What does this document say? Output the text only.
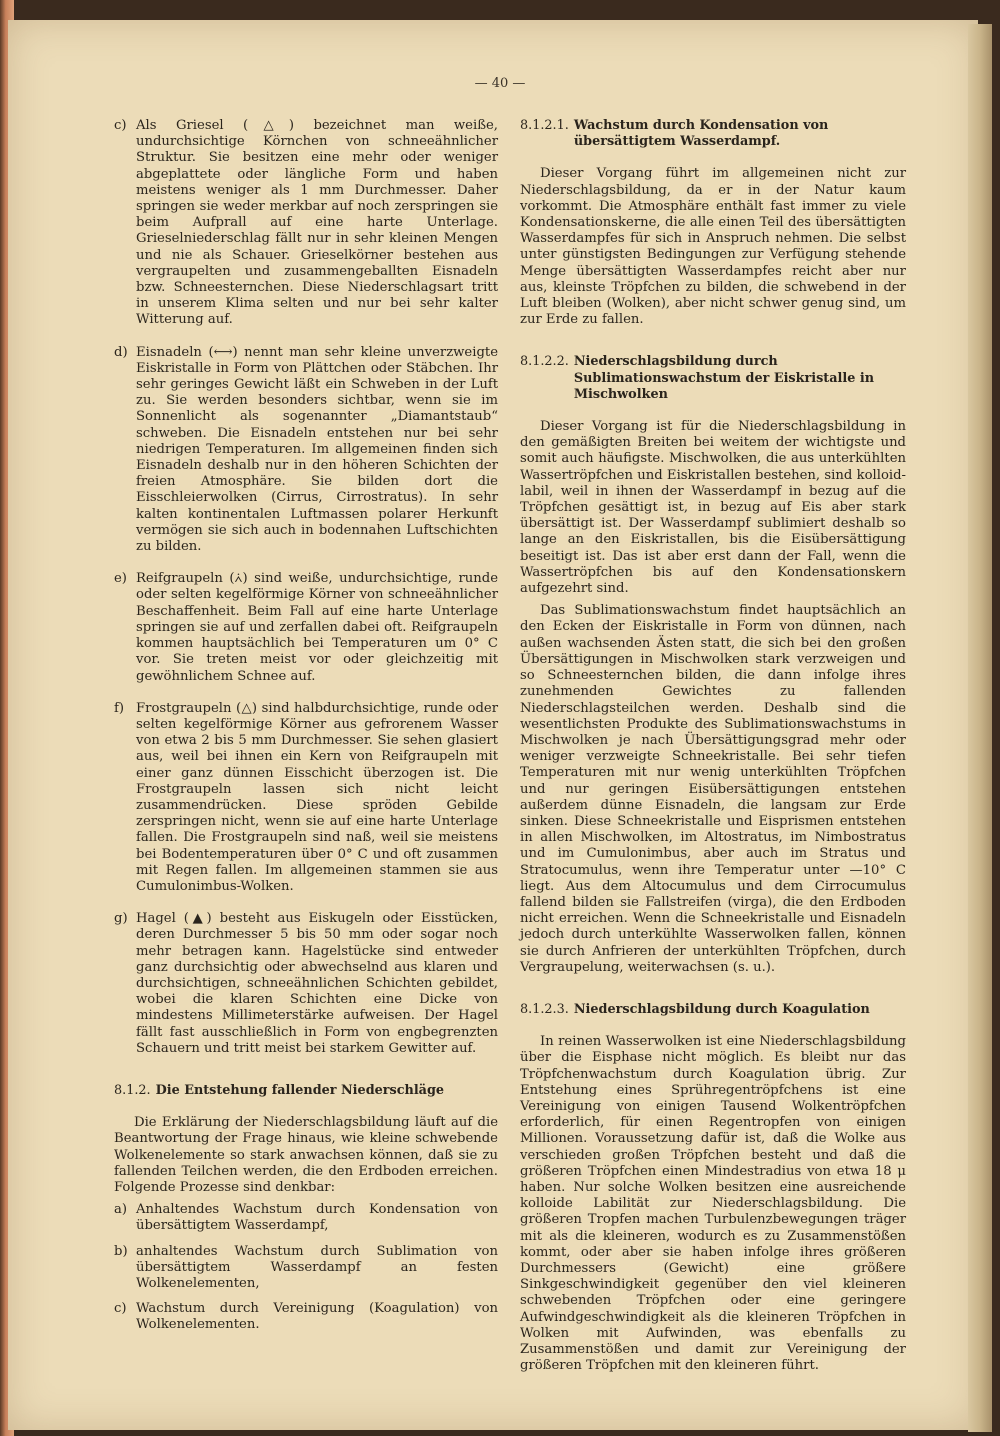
— 40 —
c) Als Griesel (△) bezeichnet man weiße, undurchsichtige Körnchen von schneeähnlicher Struktur. Sie besitzen eine mehr oder weniger abgeplattete oder längliche Form und haben meistens weniger als 1 mm Durchmesser. Daher springen sie weder merkbar auf noch zerspringen sie beim Aufprall auf eine harte Unterlage. Grieselniederschlag fällt nur in sehr kleinen Mengen und nie als Schauer. Grieselkörner bestehen aus vergraupelten und zusammengeballten Eisnadeln bzw. Schneesternchen. Diese Niederschlagsart tritt in unserem Klima selten und nur bei sehr kalter Witterung auf.
d) Eisnadeln (⟷) nennt man sehr kleine unverzweigte Eiskristalle in Form von Plättchen oder Stäbchen. Ihr sehr geringes Gewicht läßt ein Schweben in der Luft zu. Sie werden besonders sichtbar, wenn sie im Sonnenlicht als sogenannter „Diamantstaub“ schweben. Die Eisnadeln entstehen nur bei sehr niedrigen Temperaturen. Im allgemeinen finden sich Eisnadeln deshalb nur in den höheren Schichten der freien Atmosphäre. Sie bilden dort die Eisschleierwolken (Cirrus, Cirrostratus). In sehr kalten kontinentalen Luftmassen polarer Herkunft vermögen sie sich auch in bodennahen Luftschichten zu bilden.
e) Reifgraupeln (⩑) sind weiße, undurchsichtige, runde oder selten kegelförmige Körner von schneeähnlicher Beschaffenheit. Beim Fall auf eine harte Unterlage springen sie auf und zerfallen dabei oft. Reifgraupeln kommen hauptsächlich bei Temperaturen um 0° C vor. Sie treten meist vor oder gleichzeitig mit gewöhnlichem Schnee auf.
f) Frostgraupeln (△) sind halbdurchsichtige, runde oder selten kegelförmige Körner aus gefrorenem Wasser von etwa 2 bis 5 mm Durchmesser. Sie sehen glasiert aus, weil bei ihnen ein Kern von Reifgraupeln mit einer ganz dünnen Eisschicht überzogen ist. Die Frostgraupeln lassen sich nicht leicht zusammendrücken. Diese spröden Gebilde zerspringen nicht, wenn sie auf eine harte Unterlage fallen. Die Frostgraupeln sind naß, weil sie meistens bei Bodentemperaturen über 0° C und oft zusammen mit Regen fallen. Im allgemeinen stammen sie aus Cumulonimbus-Wolken.
g) Hagel (▲) besteht aus Eiskugeln oder Eisstücken, deren Durchmesser 5 bis 50 mm oder sogar noch mehr betragen kann. Hagelstücke sind entweder ganz durchsichtig oder abwechselnd aus klaren und durchsichtigen, schneeähnlichen Schichten gebildet, wobei die klaren Schichten eine Dicke von mindestens Millimeterstärke aufweisen. Der Hagel fällt fast ausschließlich in Form von engbegrenzten Schauern und tritt meist bei starkem Gewitter auf.
8.1.2. Die Entstehung fallender Niederschläge

Die Erklärung der Niederschlagsbildung läuft auf die Beantwortung der Frage hinaus, wie kleine schwebende Wolkenelemente so stark anwachsen können, daß sie zu fallenden Teilchen werden, die den Erdboden erreichen. Folgende Prozesse sind denkbar:

a) Anhaltendes Wachstum durch Kondensation von übersättigtem Wasserdampf,
b) anhaltendes Wachstum durch Sublimation von übersättigtem Wasserdampf an festen Wolkenelementen,
c) Wachstum durch Vereinigung (Koagulation) von Wolkenelementen.
8.1.2.1. Wachstum durch Kondensation von übersättigtem Wasserdampf.

Dieser Vorgang führt im allgemeinen nicht zur Niederschlagsbildung, da er in der Natur kaum vorkommt. Die Atmosphäre enthält fast immer zu viele Kondensationskerne, die alle einen Teil des übersättigten Wasserdampfes für sich in Anspruch nehmen. Die selbst unter günstigsten Bedingungen zur Verfügung stehende Menge übersättigten Wasserdampfes reicht aber nur aus, kleinste Tröpfchen zu bilden, die schwebend in der Luft bleiben (Wolken), aber nicht schwer genug sind, um zur Erde zu fallen.

8.1.2.2. Niederschlagsbildung durch Sublimationswachstum der Eiskristalle in Mischwolken

Dieser Vorgang ist für die Niederschlagsbildung in den gemäßigten Breiten bei weitem der wichtigste und somit auch häufigste. Mischwolken, die aus unterkühlten Wassertröpfchen und Eiskristallen bestehen, sind kolloid-labil, weil in ihnen der Wasserdampf in bezug auf die Tröpfchen gesättigt ist, in bezug auf Eis aber stark übersättigt ist. Der Wasserdampf sublimiert deshalb so lange an den Eiskristallen, bis die Eisübersättigung beseitigt ist. Das ist aber erst dann der Fall, wenn die Wassertröpfchen bis auf den Kondensationskern aufgezehrt sind.

Das Sublimationswachstum findet hauptsächlich an den Ecken der Eiskristalle in Form von dünnen, nach außen wachsenden Ästen statt, die sich bei den großen Übersättigungen in Mischwolken stark verzweigen und so Schneesternchen bilden, die dann infolge ihres zunehmenden Gewichtes zu fallenden Niederschlagsteilchen werden. Deshalb sind die wesentlichsten Produkte des Sublimationswachstums in Mischwolken je nach Übersättigungsgrad mehr oder weniger verzweigte Schneekristalle. Bei sehr tiefen Temperaturen mit nur wenig unterkühlten Tröpfchen und nur geringen Eisübersättigungen entstehen außerdem dünne Eisnadeln, die langsam zur Erde sinken. Diese Schneekristalle und Eisprismen entstehen in allen Mischwolken, im Altostratus, im Nimbostratus und im Cumulonimbus, aber auch im Stratus und Stratocumulus, wenn ihre Temperatur unter —10° C liegt. Aus dem Altocumulus und dem Cirrocumulus fallend bilden sie Fallstreifen (virga), die den Erdboden nicht erreichen. Wenn die Schneekristalle und Eisnadeln jedoch durch unterkühlte Wasserwolken fallen, können sie durch Anfrieren der unterkühlten Tröpfchen, durch Vergraupelung, weiterwachsen (s. u.).

8.1.2.3. Niederschlagsbildung durch Koagulation

In reinen Wasserwolken ist eine Niederschlagsbildung über die Eisphase nicht möglich. Es bleibt nur das Tröpfchenwachstum durch Koagulation übrig. Zur Entstehung eines Sprühregentröpfchens ist eine Vereinigung von einigen Tausend Wolkentröpfchen erforderlich, für einen Regentropfen von einigen Millionen. Voraussetzung dafür ist, daß die Wolke aus verschieden großen Tröpfchen besteht und daß die größeren Tröpfchen einen Mindestradius von etwa 18 μ haben. Nur solche Wolken besitzen eine ausreichende kolloide Labilität zur Niederschlagsbildung. Die größeren Tropfen machen Turbulenzbewegungen träger mit als die kleineren, wodurch es zu Zusammenstößen kommt, oder aber sie haben infolge ihres größeren Durchmessers (Gewicht) eine größere Sinkgeschwindigkeit gegenüber den viel kleineren schwebenden Tröpfchen oder eine geringere Aufwindgeschwindigkeit als die kleineren Tröpfchen in Wolken mit Aufwinden, was ebenfalls zu Zusammenstößen und damit zur Vereinigung der größeren Tröpfchen mit den kleineren führt.
